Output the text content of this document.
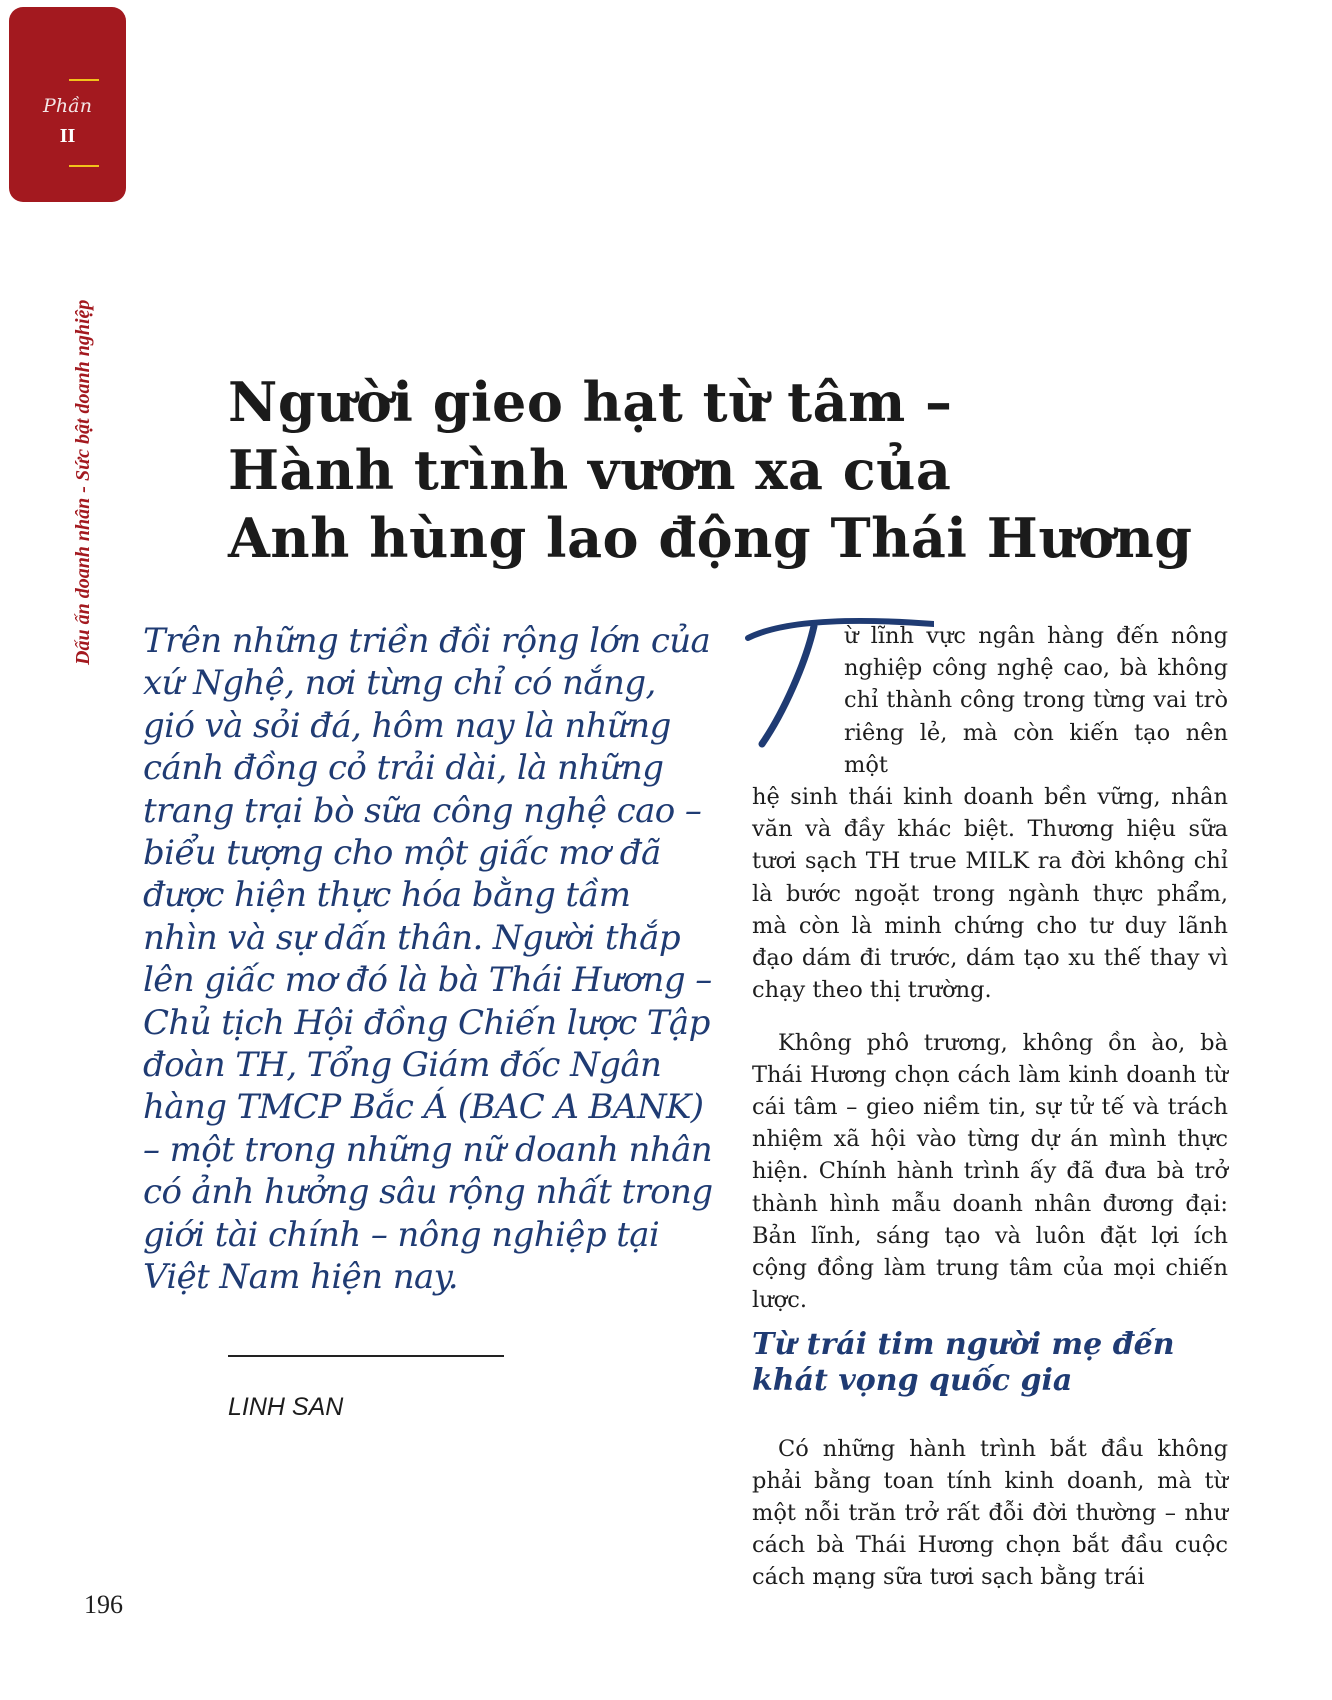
Phần
II
Dấu ấn doanh nhân - Sức bật doanh nghiệp Người gieo hạt từ tâm –
Hành trình vươn xa của
Anh hùng lao động Thái Hương

Trên những triền đồi rộng lớn của xứ Nghệ, nơi từng chỉ có nắng, gió và sỏi đá, hôm nay là những cánh đồng cỏ trải dài, là những trang trại bò sữa công nghệ cao – biểu tượng cho một giấc mơ đã được hiện thực hóa bằng tầm nhìn và sự dấn thân. Người thắp lên giấc mơ đó là bà Thái Hương – Chủ tịch Hội đồng Chiến lược Tập đoàn TH, Tổng Giám đốc Ngân hàng TMCP Bắc Á (BAC A BANK) – một trong những nữ doanh nhân có ảnh hưởng sâu rộng nhất trong giới tài chính – nông nghiệp tại Việt Nam hiện nay.

LINH SAN
ừ lĩnh vực ngân hàng đến nông nghiệp công nghệ cao, bà không chỉ thành công trong từng vai trò riêng lẻ, mà còn kiến tạo nên một
hệ sinh thái kinh doanh bền vững, nhân văn và đầy khác biệt. Thương hiệu sữa tươi sạch TH true MILK ra đời không chỉ là bước ngoặt trong ngành thực phẩm, mà còn là minh chứng cho tư duy lãnh đạo dám đi trước, dám tạo xu thế thay vì chạy theo thị trường.

Không phô trương, không ồn ào, bà Thái Hương chọn cách làm kinh doanh từ cái tâm – gieo niềm tin, sự tử tế và trách nhiệm xã hội vào từng dự án mình thực hiện. Chính hành trình ấy đã đưa bà trở thành hình mẫu doanh nhân đương đại: Bản lĩnh, sáng tạo và luôn đặt lợi ích cộng đồng làm trung tâm của mọi chiến lược.

Từ trái tim người mẹ đến khát vọng quốc gia

Có những hành trình bắt đầu không phải bằng toan tính kinh doanh, mà từ một nỗi trăn trở rất đỗi đời thường – như cách bà Thái Hương chọn bắt đầu cuộc cách mạng sữa tươi sạch bằng trái

196
